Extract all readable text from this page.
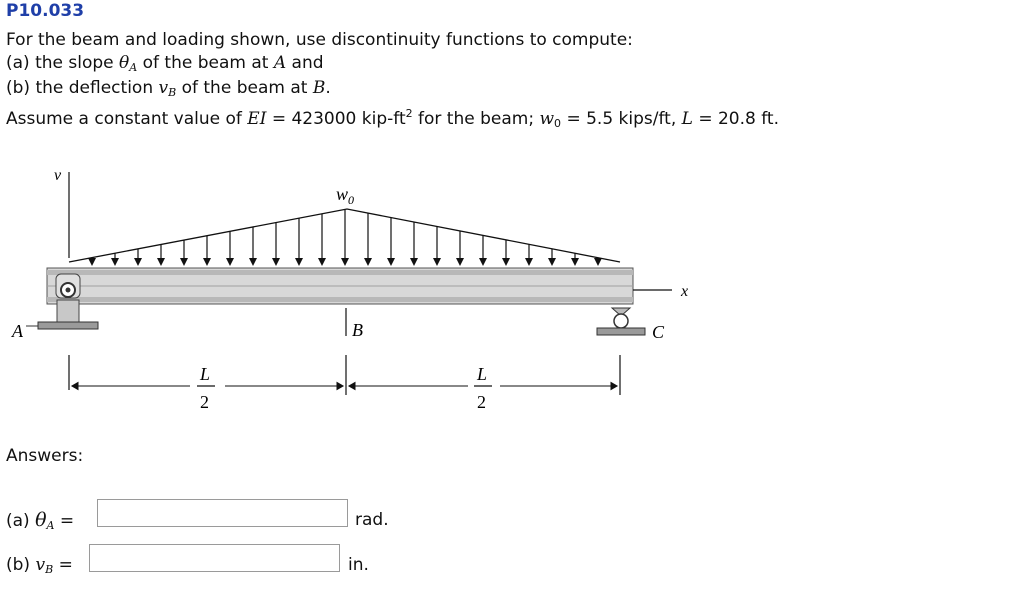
P10.033
For the beam and loading shown, use discontinuity functions to compute:
(a) the slope $\theta_A$ of the beam at A and
(b) the deflection $v_B$ of the beam at B.
Assume a constant value of EI = 423000 kip-$ft^2$ for the beam; $w_0 = 5.5$ kips/ft, L = 20.8 ft.
v
$w_0$
x
A	B	C
L
2
L
2
Answers:
(a) $\theta_A$ =	rad.
(b) $v_B$ =	in.
